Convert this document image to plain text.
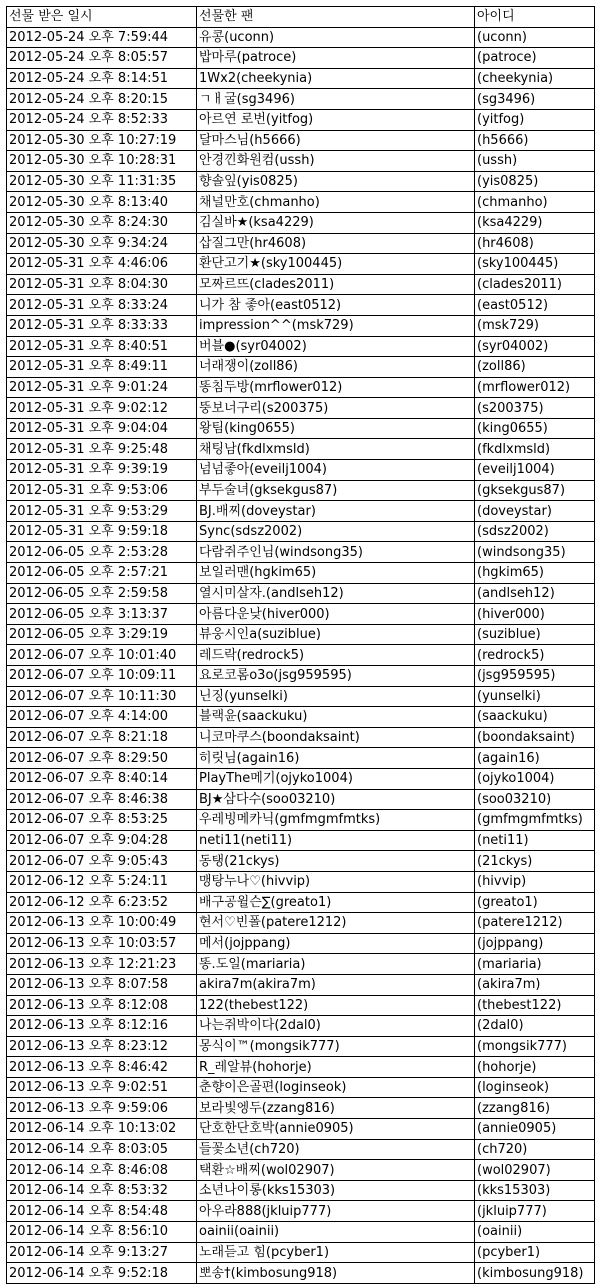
선물 받은 일시	선물한 팬	아이디
2012-05-24 오후 7:59:44	유콩(uconn)	(uconn)
2012-05-24 오후 8:05:57	밥마루(patroce)	(patroce)
2012-05-24 오후 8:14:51	1Wx2(cheekynia)	(cheekynia)
2012-05-24 오후 8:20:15	ㄱㅐ굴(sg3496)	(sg3496)
2012-05-24 오후 8:52:33	아르연 로번(yitfog)	(yitfog)
2012-05-30 오후 10:27:19	달마스님(h5666)	(h5666)
2012-05-30 오후 10:28:31	안경낀화원컴(ussh)	(ussh)
2012-05-30 오후 11:31:35	향솔잎(yis0825)	(yis0825)
2012-05-30 오후 8:13:40	채널만호(chmanho)	(chmanho)
2012-05-30 오후 8:24:30	김실바★(ksa4229)	(ksa4229)
2012-05-30 오후 9:34:24	삽질그만(hr4608)	(hr4608)
2012-05-31 오후 4:46:06	환단고기★(sky100445)	(sky100445)
2012-05-31 오후 8:04:30	모짜르뜨(clades2011)	(clades2011)
2012-05-31 오후 8:33:24	니가 참 좋아(east0512)	(east0512)
2012-05-31 오후 8:33:33	impression^^(msk729)	(msk729)
2012-05-31 오후 8:40:51	버블●(syr04002)	(syr04002)
2012-05-31 오후 8:49:11	너래쟁이(zoll86)	(zoll86)
2012-05-31 오후 9:01:24	똥침두방(mrflower012)	(mrflower012)
2012-05-31 오후 9:02:12	뚱보너구리(s200375)	(s200375)
2012-05-31 오후 9:04:04	왕팀(king0655)	(king0655)
2012-05-31 오후 9:25:48	채팅남(fkdlxmsld)	(fkdlxmsld)
2012-05-31 오후 9:39:19	넘넘좋아(eveilj1004)	(eveilj1004)
2012-05-31 오후 9:53:06	부두술녀(gksekgus87)	(gksekgus87)
2012-05-31 오후 9:53:29	BJ.배찌(doveystar)	(doveystar)
2012-05-31 오후 9:59:18	Sync(sdsz2002)	(sdsz2002)
2012-06-05 오후 2:53:28	다람쥐주인님(windsong35)	(windsong35)
2012-06-05 오후 2:57:21	보일러맨(hgkim65)	(hgkim65)
2012-06-05 오후 2:59:58	열시미살자.(andlseh12)	(andlseh12)
2012-06-05 오후 3:13:37	아름다운낮(hiver000)	(hiver000)
2012-06-05 오후 3:29:19	뷰웅시인a(suziblue)	(suziblue)
2012-06-07 오후 10:01:40	레드락(redrock5)	(redrock5)
2012-06-07 오후 10:09:11	요로코롬o3o(jsg959595)	(jsg959595)
2012-06-07 오후 10:11:30	닌징(yunselki)	(yunselki)
2012-06-07 오후 4:14:00	블랙윤(saackuku)	(saackuku)
2012-06-07 오후 8:21:18	니코마쿠스(boondaksaint)	(boondaksaint)
2012-06-07 오후 8:29:50	히릿님(again16)	(again16)
2012-06-07 오후 8:40:14	PlayThe메기(ojyko1004)	(ojyko1004)
2012-06-07 오후 8:46:38	BJ★삼다수(soo03210)	(soo03210)
2012-06-07 오후 8:53:25	우레빙메카닉(gmfmgmfmtks)	(gmfmgmfmtks)
2012-06-07 오후 9:04:28	neti11(neti11)	(neti11)
2012-06-07 오후 9:05:43	동탱(21ckys)	(21ckys)
2012-06-12 오후 5:24:11	맹탕누나♡(hivvip)	(hivvip)
2012-06-12 오후 6:23:52	배구공윌슨∑(greato1)	(greato1)
2012-06-13 오후 10:00:49	현서♡빈폴(patere1212)	(patere1212)
2012-06-13 오후 10:03:57	메서(jojppang)	(jojppang)
2012-06-13 오후 12:21:23	똥.도일(mariaria)	(mariaria)
2012-06-13 오후 8:07:58	akira7m(akira7m)	(akira7m)
2012-06-13 오후 8:12:08	122(thebest122)	(thebest122)
2012-06-13 오후 8:12:16	나는쥐박이다(2dal0)	(2dal0)
2012-06-13 오후 8:23:12	몽식이™(mongsik777)	(mongsik777)
2012-06-13 오후 8:46:42	R_레알뷰(hohorje)	(hohorje)
2012-06-13 오후 9:02:51	춘향이은골편(loginseok)	(loginseok)
2012-06-13 오후 9:59:06	보라빛엥두(zzang816)	(zzang816)
2012-06-14 오후 10:13:02	단호한단호박(annie0905)	(annie0905)
2012-06-14 오후 8:03:05	들꽃소년(ch720)	(ch720)
2012-06-14 오후 8:46:08	택환☆배찌(wol02907)	(wol02907)
2012-06-14 오후 8:53:32	소년나이롱(kks15303)	(kks15303)
2012-06-14 오후 8:54:48	아우라888(jkluip777)	(jkluip777)
2012-06-14 오후 8:56:10	oainii(oainii)	(oainii)
2012-06-14 오후 9:13:27	노래듣고 힘(pcyber1)	(pcyber1)
2012-06-14 오후 9:52:18	뽀송†(kimbosung918)	(kimbosung918)
